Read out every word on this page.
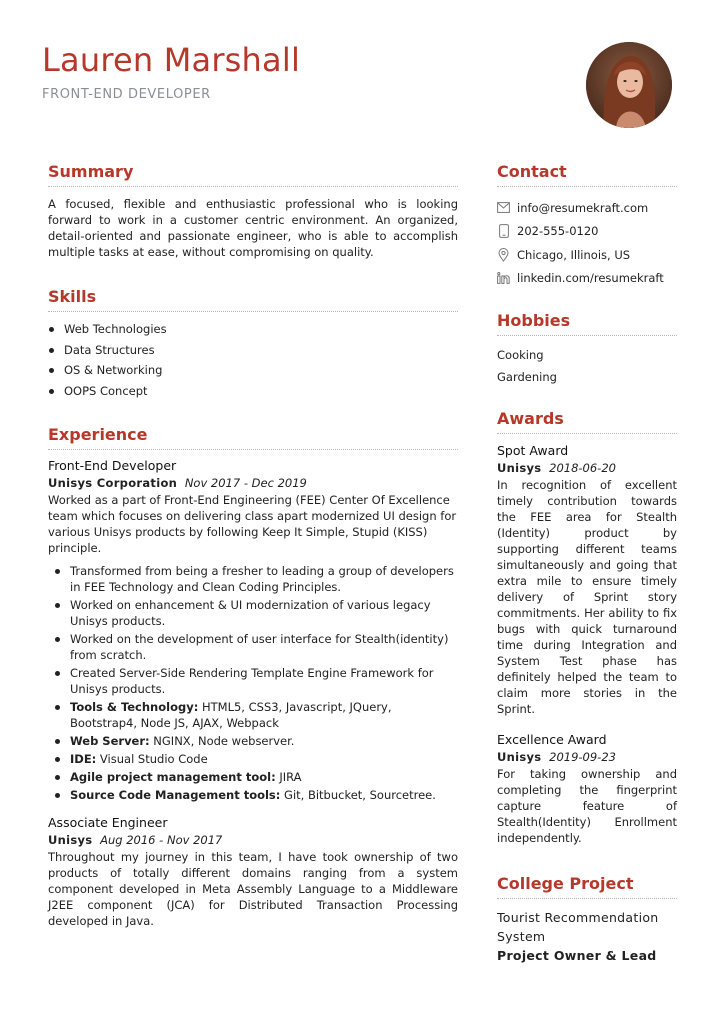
Lauren Marshall
FRONT-END DEVELOPER
Summary

A focused, flexible and enthusiastic professional who is looking forward to work in a customer centric environment. An organized, detail-oriented and passionate engineer, who is able to accomplish multiple tasks at ease, without compromising on quality.

Skills
Web Technologies
Data Structures
OS & Networking
OOPS Concept
Experience
Front-End Developer
Unisys Corporation Nov 2017 - Dec 2019

Worked as a part of Front-End Engineering (FEE) Center Of Excellence team which focuses on delivering class apart modernized UI design for various Unisys products by following Keep It Simple, Stupid (KISS) principle.

Transformed from being a fresher to leading a group of developers in FEE Technology and Clean Coding Principles.
Worked on enhancement & UI modernization of various legacy Unisys products.
Worked on the development of user interface for Stealth(identity) from scratch.
Created Server-Side Rendering Template Engine Framework for Unisys products.
Tools & Technology: HTML5, CSS3, Javascript, JQuery, Bootstrap4, Node JS, AJAX, Webpack
Web Server: NGINX, Node webserver.
IDE: Visual Studio Code
Agile project management tool: JIRA
Source Code Management tools: Git, Bitbucket, Sourcetree.
Associate Engineer
Unisys Aug 2016 - Nov 2017

Throughout my journey in this team, I have took ownership of two products of totally different domains ranging from a system component developed in Meta Assembly Language to a Middleware J2EE component (JCA) for Distributed Transaction Processing developed in Java.

Contact
info@resumekraft.com
202-555-0120
Chicago, Illinois, US
linkedin.com/resumekraft
Hobbies
Cooking
Gardening
Awards
Spot Award
Unisys 2018-06-20

In recognition of excellent timely contribution towards the FEE area for Stealth (Identity) product by supporting different teams simultaneously and going that extra mile to ensure timely delivery of Sprint story commitments. Her ability to fix bugs with quick turnaround time during Integration and System Test phase has definitely helped the team to claim more stories in the Sprint.

Excellence Award
Unisys 2019-09-23

For taking ownership and completing the fingerprint capture feature of Stealth(Identity) Enrollment independently.

College Project
Tourist Recommendation System
Project Owner & Lead
